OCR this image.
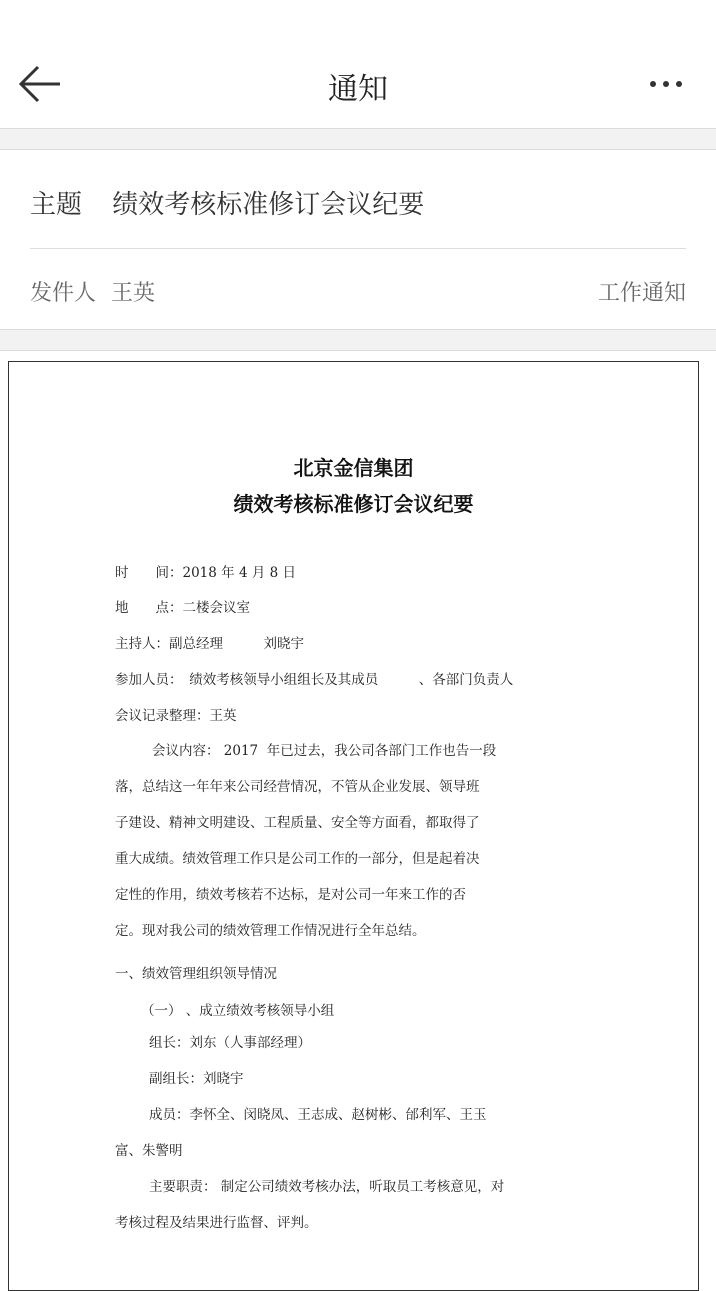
通知
主题 绩效考核标准修订会议纪要
发件人 王英	工作通知
北京金信集团
绩效考核标准修订会议纪要
时　　间：2018 年 4 月 8 日
地　　点：二楼会议室
主持人：副总经理　　　刘晓宇
参加人员：　绩效考核领导小组组长及其成员　　　、各部门负责人
会议记录整理：王英
会议内容： 2017  年已过去，我公司各部门工作也告一段
落，总结这一年年来公司经营情况，不管从企业发展、领导班
子建设、精神文明建设、工程质量、安全等方面看，都取得了
重大成绩。绩效管理工作只是公司工作的一部分，但是起着决
定性的作用，绩效考核若不达标，是对公司一年来工作的否
定。现对我公司的绩效管理工作情况进行全年总结。
一、绩效管理组织领导情况
（一） 、成立绩效考核领导小组
组长：刘东（人事部经理）
副组长：刘晓宇
成员：李怀全、闵晓凤、王志成、赵树彬、邰利军、王玉
富、朱警明
主要职责： 制定公司绩效考核办法，听取员工考核意见，对
考核过程及结果进行监督、评判。
